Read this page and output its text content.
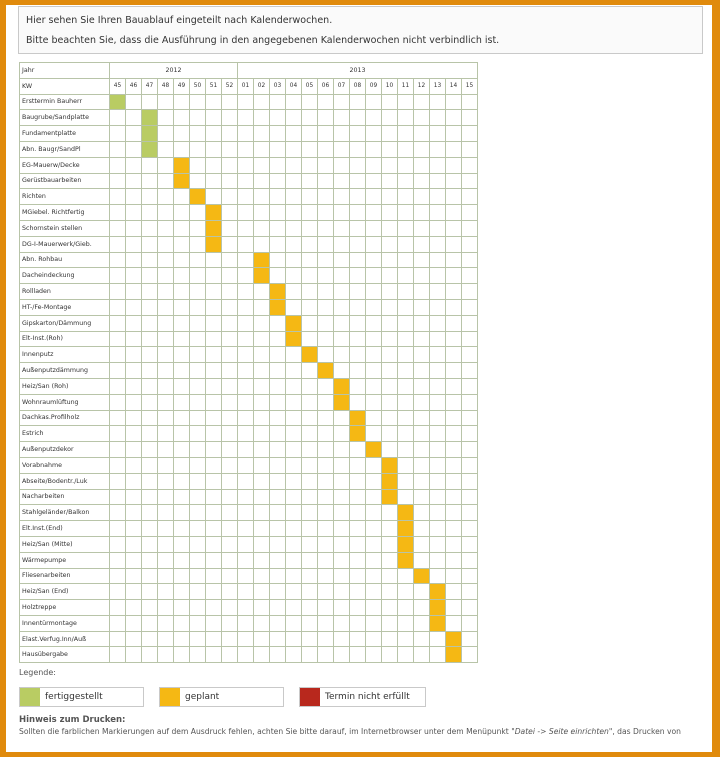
Hier sehen Sie Ihren Bauablauf eingeteilt nach Kalenderwochen.
Bitte beachten Sie, dass die Ausführung in den angegebenen Kalenderwochen nicht verbindlich ist.
Jahr	2012								2013														
KW	45	46	47	48	49	50	51	52	01	02	03	04	05	06	07	08	09	10	11	12	13	14	15
Ersttermin Bauherr																							
Baugrube/Sandplatte																							
Fundamentplatte																							
Abn. Baugr/SandPl																							
EG-Mauerw/Decke																							
Gerüstbauarbeiten																							
Richten																							
MGiebel. Richtfertig																							
Schornstein stellen																							
DG-I-Mauerwerk/Gieb.																							
Abn. Rohbau																							
Dacheindeckung																							
Rollladen																							
HT-/Fe-Montage																							
Gipskarton/Dämmung																							
Elt-Inst.(Roh)																							
Innenputz																							
Außenputzdämmung																							
Heiz/San (Roh)																							
Wohnraumlüftung																							
Dachkas.Profilholz																							
Estrich																							
Außenputzdekor																							
Vorabnahme																							
Abseite/Bodentr./Luk																							
Nacharbeiten																							
Stahlgeländer/Balkon																							
Elt.Inst.(End)																							
Heiz/San (Mitte)																							
Wärmepumpe																							
Fliesenarbeiten																							
Heiz/San (End)																							
Holztreppe																							
Innentürmontage																							
Elast.Verfug.Inn/Auß																							
Hausübergabe																							
Legende:
fertiggestellt	geplant	Termin nicht erfüllt
Hinweis zum Drucken:
Sollten die farblichen Markierungen auf dem Ausdruck fehlen, achten Sie bitte darauf, im Internetbrowser unter dem Menüpunkt "Datei -> Seite einrichten", das Drucken von
